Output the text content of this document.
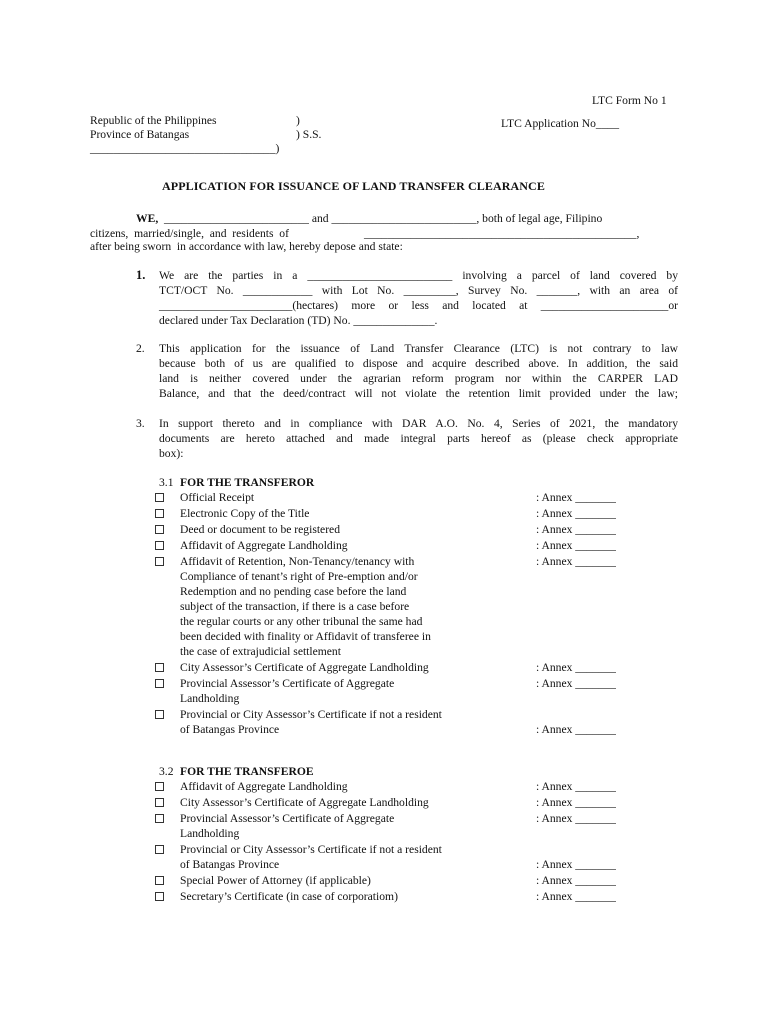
LTC Form No 1
Republic of the Philippines	)
Province of Batangas	) S.S.
________________________________)
LTC Application No____
APPLICATION FOR ISSUANCE OF LAND TRANSFER CLEARANCE
WE, _________________________ and _________________________, both of legal age, Filipino
citizens,  married/single,  and  residents  of	_______________________________________________,
after being sworn  in accordance with law, hereby depose and state:
1. We are the parties in a _________________________ involving a parcel of land covered by
TCT/OCT No. ____________ with Lot No. _________, Survey No. _______, with an area of
_______________________(hectares) more or less and located at ______________________or
declared under Tax Declaration (TD) No. ______________.
2. This application for the issuance of Land Transfer Clearance (LTC) is not contrary to law
because both of us are qualified to dispose and acquire described above. In addition, the said
land is neither covered under the agrarian reform program nor within the CARPER LAD
Balance, and that the deed/contract will not violate the retention limit provided under the law;
3. In support thereto and in compliance with DAR A.O. No. 4, Series of 2021, the mandatory
documents are hereto attached and made integral parts hereof as (please check appropriate
box):
3.1 FOR THE TRANSFEROR
Official Receipt	: Annex _______
Electronic Copy of the Title	: Annex _______
Deed or document to be registered	: Annex _______
Affidavit of Aggregate Landholding	: Annex _______
Affidavit of Retention, Non-Tenancy/tenancy with
Compliance of tenant’s right of Pre-emption and/or
Redemption and no pending case before the land
subject of the transaction, if there is a case before
the regular courts or any other tribunal the same had
been decided with finality or Affidavit of transferee in
the case of extrajudicial settlement
: Annex _______
City Assessor’s Certificate of Aggregate Landholding	: Annex _______
Provincial Assessor’s Certificate of Aggregate
Landholding
: Annex _______
Provincial or City Assessor’s Certificate if not a resident
of Batangas Province	: Annex _______
3.2 FOR THE TRANSFEROE
Affidavit of Aggregate Landholding	: Annex _______
City Assessor’s Certificate of Aggregate Landholding	: Annex _______
Provincial Assessor’s Certificate of Aggregate
Landholding
: Annex _______
Provincial or City Assessor’s Certificate if not a resident
of Batangas Province	: Annex _______
Special Power of Attorney (if applicable)	: Annex _______
Secretary’s Certificate (in case of corporatiom)	: Annex _______
